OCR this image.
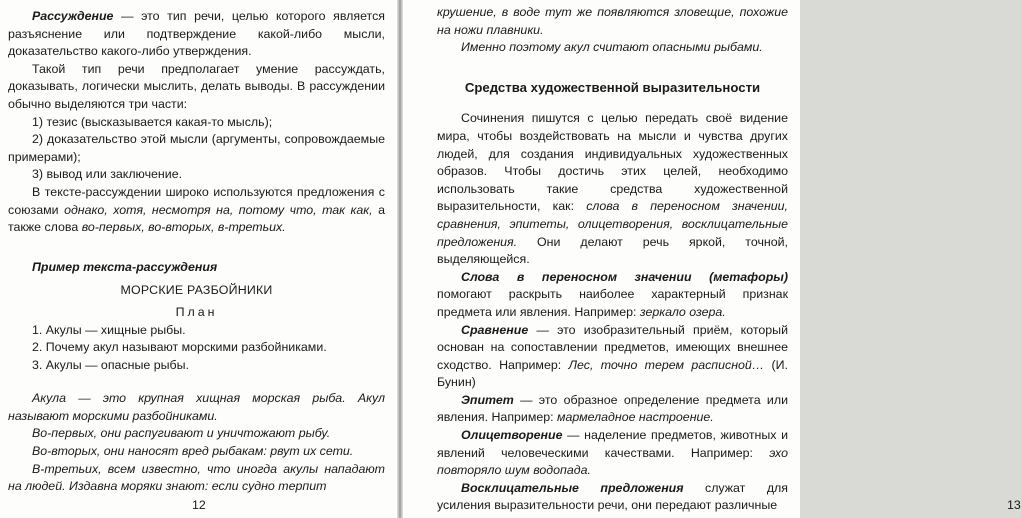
Рассуждение — это тип речи, целью которого является разъяснение или подтверждение какой-либо мысли, доказательство какого-либо утверждения.

Такой тип речи предполагает умение рассуждать, доказывать, логически мыслить, делать выводы. В рассуждении обычно выделяются три части:

1) тезис (высказывается какая-то мысль);

2) доказательство этой мысли (аргументы, сопровождаемые примерами);

3) вывод или заключение.

В тексте-рассуждении широко используются предложения с союзами однако, хотя, несмотря на, потому что, так как, а также слова во-первых, во-вторых, в-третьих.

Пример текста-рассуждения

МОРСКИЕ РАЗБОЙНИКИ

План

1. Акулы — хищные рыбы.

2. Почему акул называют морскими разбойниками.

3. Акулы — опасные рыбы.

Акула — это крупная хищная морская рыба. Акул называют морскими разбойниками.

Во-первых, они распугивают и уничтожают рыбу.

Во-вторых, они наносят вред рыбакам: рвут их сети.

В-третьих, всем известно, что иногда акулы нападают на людей. Издавна моряки знают: если судно терпит

12

крушение, в воде тут же появляются зловещие, похожие на ножи плавники.

Именно поэтому акул считают опасными рыбами.

Средства художественной выразительности

Сочинения пишутся с целью передать своё видение мира, чтобы воздействовать на мысли и чувства других людей, для создания индивидуальных художественных образов. Чтобы достичь этих целей, необходимо использовать такие средства художественной выразительности, как: слова в переносном значении, сравнения, эпитеты, олицетворения, восклицательные предложения. Они делают речь яркой, точной, выделяющейся.

Слова в переносном значении (метафоры) помогают раскрыть наиболее характерный признак предмета или явления. Например: зеркало озера.

Сравнение — это изобразительный приём, который основан на сопоставлении предметов, имеющих внешнее сходство. Например: Лес, точно терем расписной… (И. Бунин)

Эпитет — это образное определение предмета или явления. Например: мармеладное настроение.

Олицетворение — наделение предметов, животных и явлений человеческими качествами. Например: эхо повторяло шум водопада.

Восклицательные предложения служат для усиления выразительности речи, они передают различные	13
